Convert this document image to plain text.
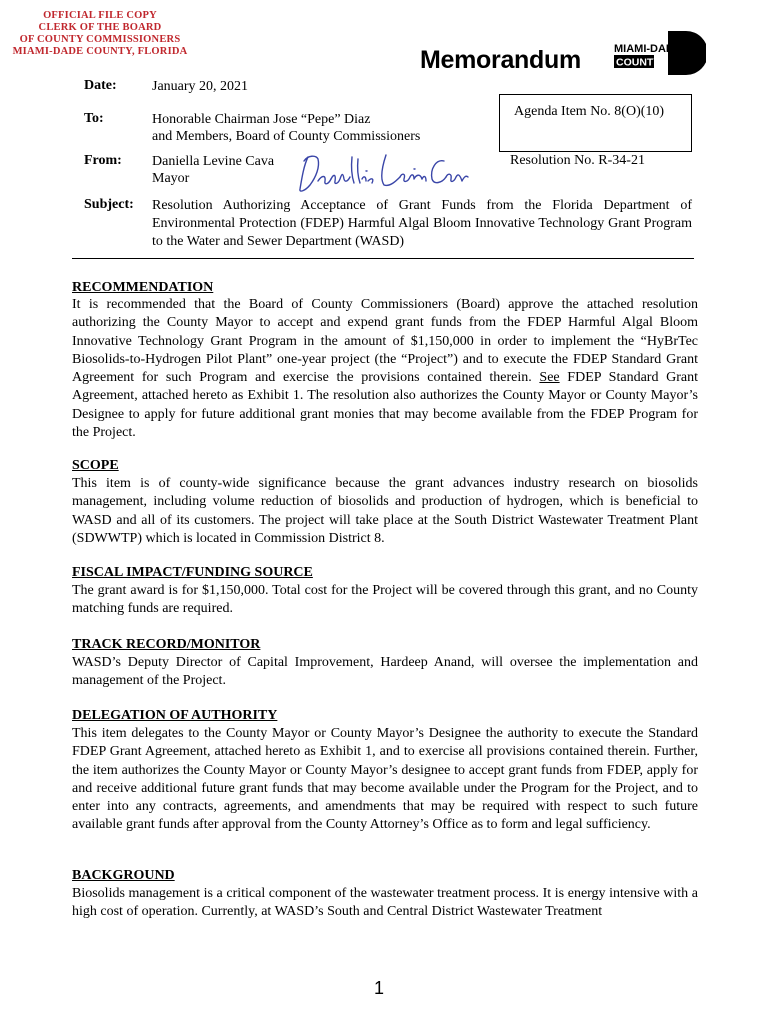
OFFICIAL FILE COPY
CLERK OF THE BOARD
OF COUNTY COMMISSIONERS
MIAMI-DADE COUNTY, FLORIDA	Memorandum	MIAMI-DADE
COUNTY
Date:	January 20, 2021
To:	Honorable Chairman Jose “Pepe” Diaz
and Members, Board of County Commissioners
Agenda Item No. 8(O)(10)
From: Daniella Levine Cava
Mayor
Resolution No. R-34-21
Subject: Resolution Authorizing Acceptance of Grant Funds from the Florida Department of Environmental Protection (FDEP) Harmful Algal Bloom Innovative Technology Grant Program to the Water and Sewer Department (WASD)
RECOMMENDATION
It is recommended that the Board of County Commissioners (Board) approve the attached resolution authorizing the County Mayor to accept and expend grant funds from the FDEP Harmful Algal Bloom Innovative Technology Grant Program in the amount of $1,150,000 in order to implement the “HyBrTec Biosolids-to-Hydrogen Pilot Plant” one-year project (the “Project”) and to execute the FDEP Standard Grant Agreement for such Program and exercise the provisions contained therein. See FDEP Standard Grant Agreement, attached hereto as Exhibit 1. The resolution also authorizes the County Mayor or County Mayor’s Designee to apply for future additional grant monies that may become available from the FDEP Program for the Project.
SCOPE
This item is of county-wide significance because the grant advances industry research on biosolids management, including volume reduction of biosolids and production of hydrogen, which is beneficial to WASD and all of its customers. The project will take place at the South District Wastewater Treatment Plant (SDWWTP) which is located in Commission District 8.
FISCAL IMPACT/FUNDING SOURCE
The grant award is for $1,150,000. Total cost for the Project will be covered through this grant, and no County matching funds are required.
TRACK RECORD/MONITOR
WASD’s Deputy Director of Capital Improvement, Hardeep Anand, will oversee the implementation and management of the Project.
DELEGATION OF AUTHORITY
This item delegates to the County Mayor or County Mayor’s Designee the authority to execute the Standard FDEP Grant Agreement, attached hereto as Exhibit 1, and to exercise all provisions contained therein. Further, the item authorizes the County Mayor or County Mayor’s designee to accept grant funds from FDEP, apply for and receive additional future grant funds that may become available under the Program for the Project, and to enter into any contracts, agreements, and amendments that may be required with respect to such future available grant funds after approval from the County Attorney’s Office as to form and legal sufficiency.
BACKGROUND
Biosolids management is a critical component of the wastewater treatment process. It is energy intensive with a high cost of operation. Currently, at WASD’s South and Central District Wastewater Treatment
1
